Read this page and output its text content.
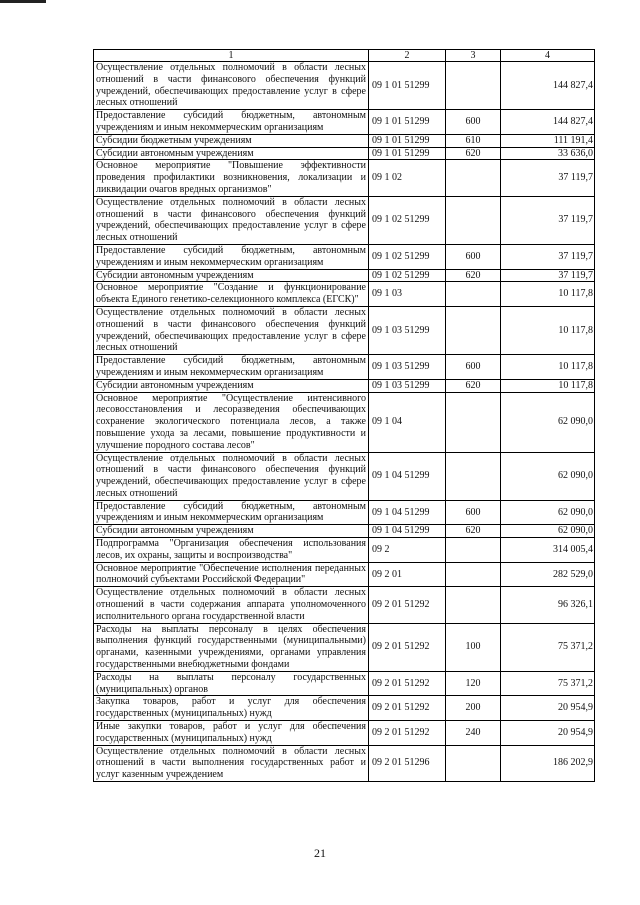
1	2	3	4
Осуществление отдельных полномочий в области лесных отношений в части финансового обеспечения функций учреждений, обеспечивающих предоставление услуг в сфере лесных отношений	09 1 01 51299		144 827,4
Предоставление субсидий бюджетным, автономным учреждениям и иным некоммерческим организациям	09 1 01 51299	600	144 827,4
Субсидии бюджетным учреждениям	09 1 01 51299	610	111 191,4
Субсидии автономным учреждениям	09 1 01 51299	620	33 636,0
Основное мероприятие "Повышение эффективности проведения профилактики возникновения, локализации и ликвидации очагов вредных организмов"	09 1 02		37 119,7
Осуществление отдельных полномочий в области лесных отношений в части финансового обеспечения функций учреждений, обеспечивающих предоставление услуг в сфере лесных отношений	09 1 02 51299		37 119,7
Предоставление субсидий бюджетным, автономным учреждениям и иным некоммерческим организациям	09 1 02 51299	600	37 119,7
Субсидии автономным учреждениям	09 1 02 51299	620	37 119,7
Основное мероприятие "Создание и функционирование объекта Единого генетико-селекционного комплекса (ЕГСК)"	09 1 03		10 117,8
Осуществление отдельных полномочий в области лесных отношений в части финансового обеспечения функций учреждений, обеспечивающих предоставление услуг в сфере лесных отношений	09 1 03 51299		10 117,8
Предоставление субсидий бюджетным, автономным учреждениям и иным некоммерческим организациям	09 1 03 51299	600	10 117,8
Субсидии автономным учреждениям	09 1 03 51299	620	10 117,8
Основное мероприятие "Осуществление интенсивного лесовосстановления и лесоразведения обеспечивающих сохранение экологического потенциала лесов, а также повышение ухода за лесами, повышение продуктивности и улучшение породного состава лесов"	09 1 04		62 090,0
Осуществление отдельных полномочий в области лесных отношений в части финансового обеспечения функций учреждений, обеспечивающих предоставление услуг в сфере лесных отношений	09 1 04 51299		62 090,0
Предоставление субсидий бюджетным, автономным учреждениям и иным некоммерческим организациям	09 1 04 51299	600	62 090,0
Субсидии автономным учреждениям	09 1 04 51299	620	62 090,0
Подпрограмма "Организация обеспечения использования лесов, их охраны, защиты и воспроизводства"	09 2		314 005,4
Основное мероприятие "Обеспечение исполнения переданных полномочий субъектами Российской Федерации"	09 2 01		282 529,0
Осуществление отдельных полномочий в области лесных отношений в части содержания аппарата уполномоченного исполнительного органа государственной власти	09 2 01 51292		96 326,1
Расходы на выплаты персоналу в целях обеспечения выполнения функций государственными (муниципальными) органами, казенными учреждениями, органами управления государственными внебюджетными фондами	09 2 01 51292	100	75 371,2
Расходы на выплаты персоналу государственных (муниципальных) органов	09 2 01 51292	120	75 371,2
Закупка товаров, работ и услуг для обеспечения государственных (муниципальных) нужд	09 2 01 51292	200	20 954,9
Иные закупки товаров, работ и услуг для обеспечения государственных (муниципальных) нужд	09 2 01 51292	240	20 954,9
Осуществление отдельных полномочий в области лесных отношений в части выполнения государственных работ и услуг казенным учреждением	09 2 01 51296		186 202,9
21
